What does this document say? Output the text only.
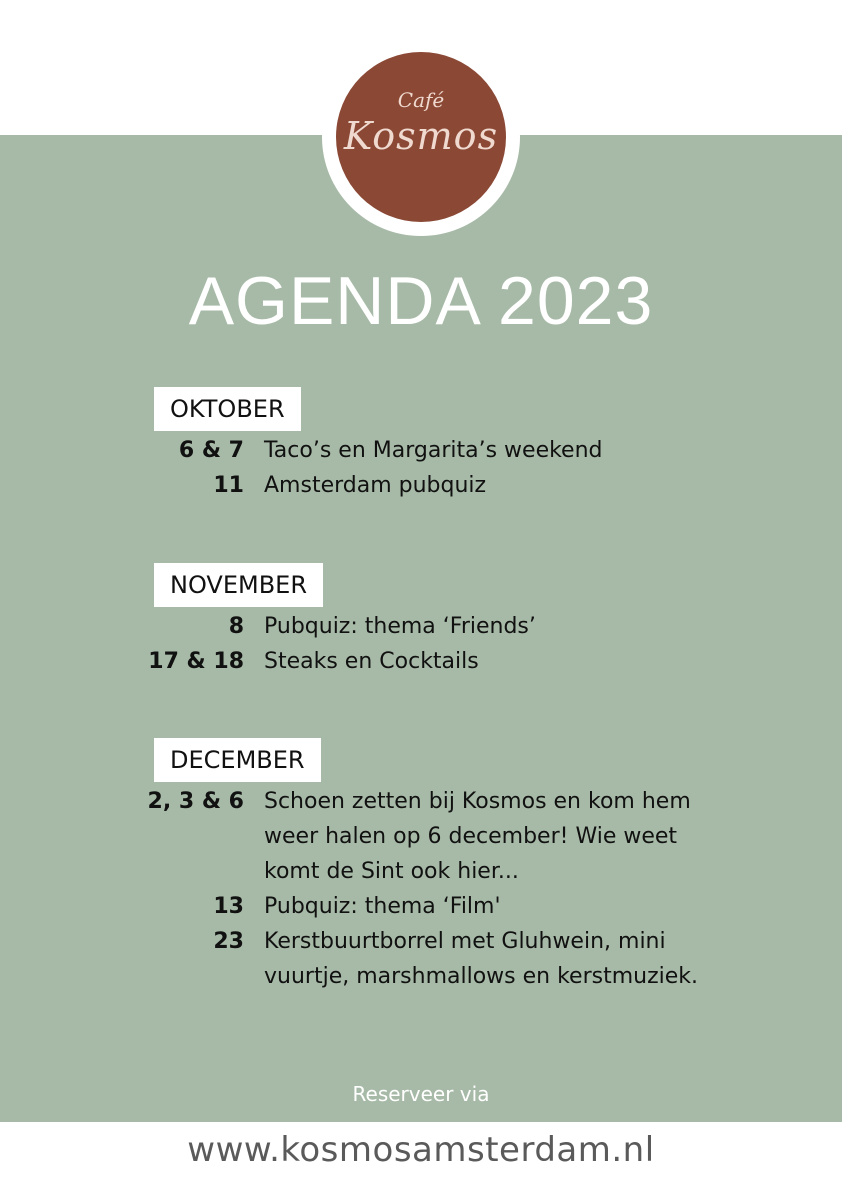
Café
Kosmos
AGENDA 2023
OKTOBER
6 & 7 Taco’s en Margarita’s weekend
11 Amsterdam pubquiz
NOVEMBER
8 Pubquiz: thema ‘Friends’
17 & 18 Steaks en Cocktails
DECEMBER
2, 3 & 6 Schoen zetten bij Kosmos en kom hem weer halen op 6 december! Wie weet komt de Sint ook hier...
13 Pubquiz: thema ‘Film'
23 Kerstbuurtborrel met Gluhwein, mini vuurtje, marshmallows en kerstmuziek.
Reserveer via
www.kosmosamsterdam.nl
